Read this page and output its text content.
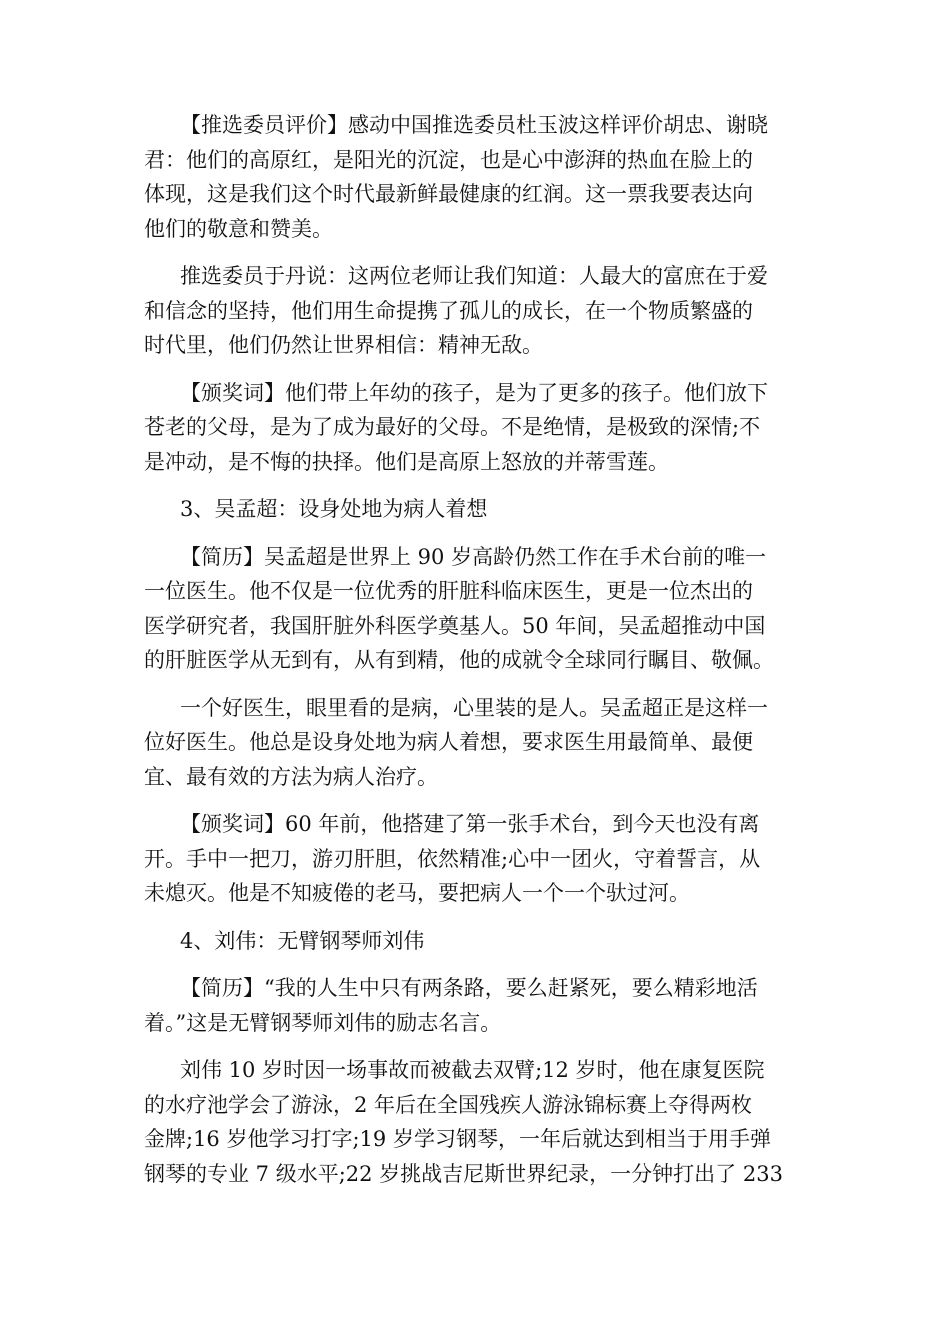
【推选委员评价】感动中国推选委员杜玉波这样评价胡忠、谢晓
君：他们的高原红，是阳光的沉淀，也是心中澎湃的热血在脸上的
体现，这是我们这个时代最新鲜最健康的红润。这一票我要表达向
他们的敬意和赞美。

推选委员于丹说：这两位老师让我们知道：人最大的富庶在于爱
和信念的坚持，他们用生命提携了孤儿的成长，在一个物质繁盛的
时代里，他们仍然让世界相信：精神无敌。

【颁奖词】他们带上年幼的孩子，是为了更多的孩子。他们放下
苍老的父母，是为了成为最好的父母。不是绝情，是极致的深情;不
是冲动，是不悔的抉择。他们是高原上怒放的并蒂雪莲。

3、吴孟超：设身处地为病人着想

【简历】吴孟超是世界上 90 岁高龄仍然工作在手术台前的唯一
一位医生。他不仅是一位优秀的肝脏科临床医生，更是一位杰出的
医学研究者，我国肝脏外科医学奠基人。50 年间，吴孟超推动中国
的肝脏医学从无到有，从有到精，他的成就令全球同行瞩目、敬佩。

一个好医生，眼里看的是病，心里装的是人。吴孟超正是这样一
位好医生。他总是设身处地为病人着想，要求医生用最简单、最便
宜、最有效的方法为病人治疗。

【颁奖词】60 年前，他搭建了第一张手术台，到今天也没有离
开。手中一把刀，游刃肝胆，依然精准;心中一团火，守着誓言，从
未熄灭。他是不知疲倦的老马，要把病人一个一个驮过河。

4、刘伟：无臂钢琴师刘伟

【简历】“我的人生中只有两条路，要么赶紧死，要么精彩地活
着。”这是无臂钢琴师刘伟的励志名言。

刘伟 10 岁时因一场事故而被截去双臂;12 岁时，他在康复医院
的水疗池学会了游泳，2 年后在全国残疾人游泳锦标赛上夺得两枚
金牌;16 岁他学习打字;19 岁学习钢琴，一年后就达到相当于用手弹
钢琴的专业 7 级水平;22 岁挑战吉尼斯世界纪录，一分钟打出了 233
